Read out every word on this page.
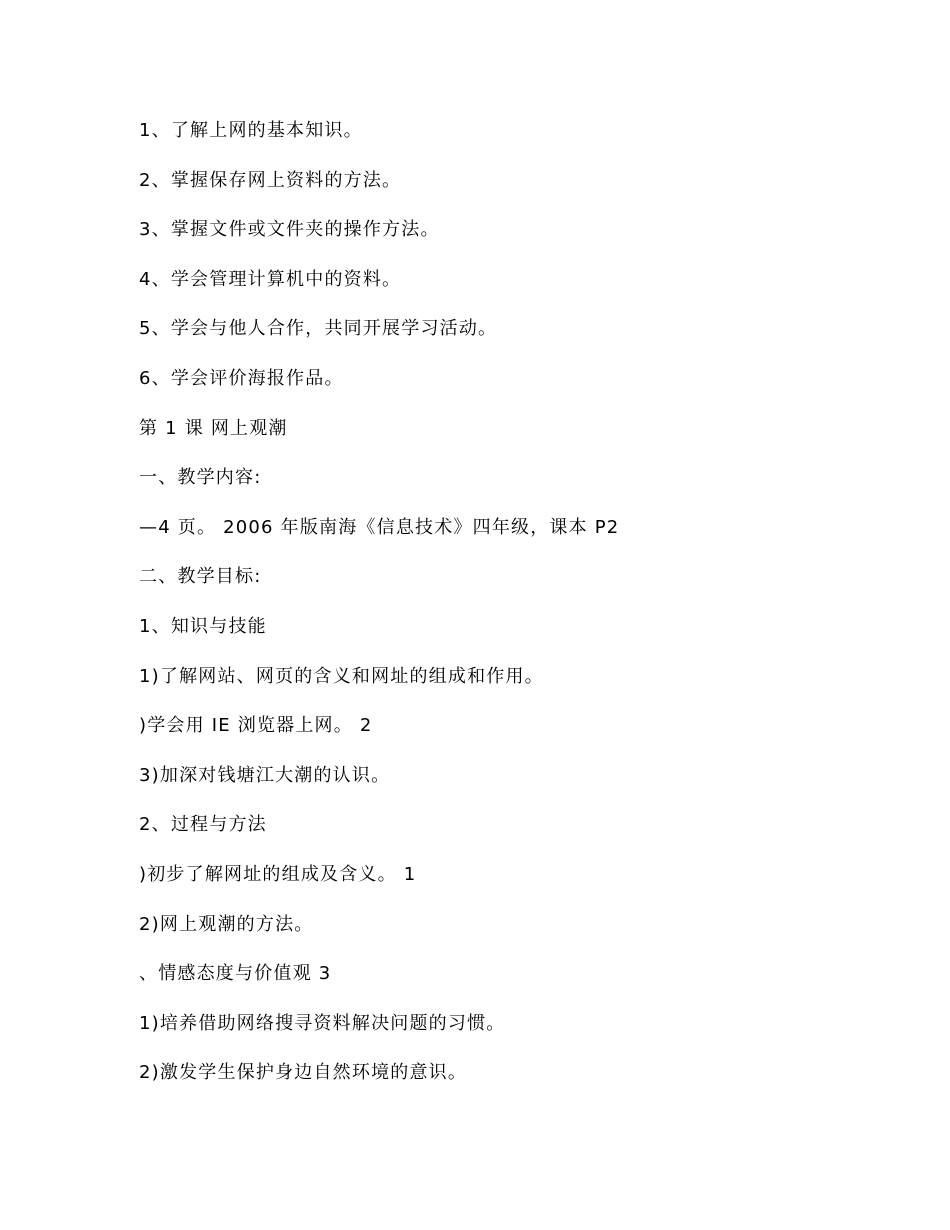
1、了解上网的基本知识。
2、掌握保存网上资料的方法。
3、掌握文件或文件夹的操作方法。
4、学会管理计算机中的资料。
5、学会与他人合作，共同开展学习活动。
6、学会评价海报作品。
第 1 课 网上观潮
一、教学内容:
—4 页。 2006 年版南海《信息技术》四年级，课本 P2
二、教学目标:
1、知识与技能
1)了解网站、网页的含义和网址的组成和作用。
)学会用 IE 浏览器上网。 2
3)加深对钱塘江大潮的认识。
2、过程与方法
)初步了解网址的组成及含义。 1
2)网上观潮的方法。
、情感态度与价值观 3
1)培养借助网络搜寻资料解决问题的习惯。
2)激发学生保护身边自然环境的意识。
